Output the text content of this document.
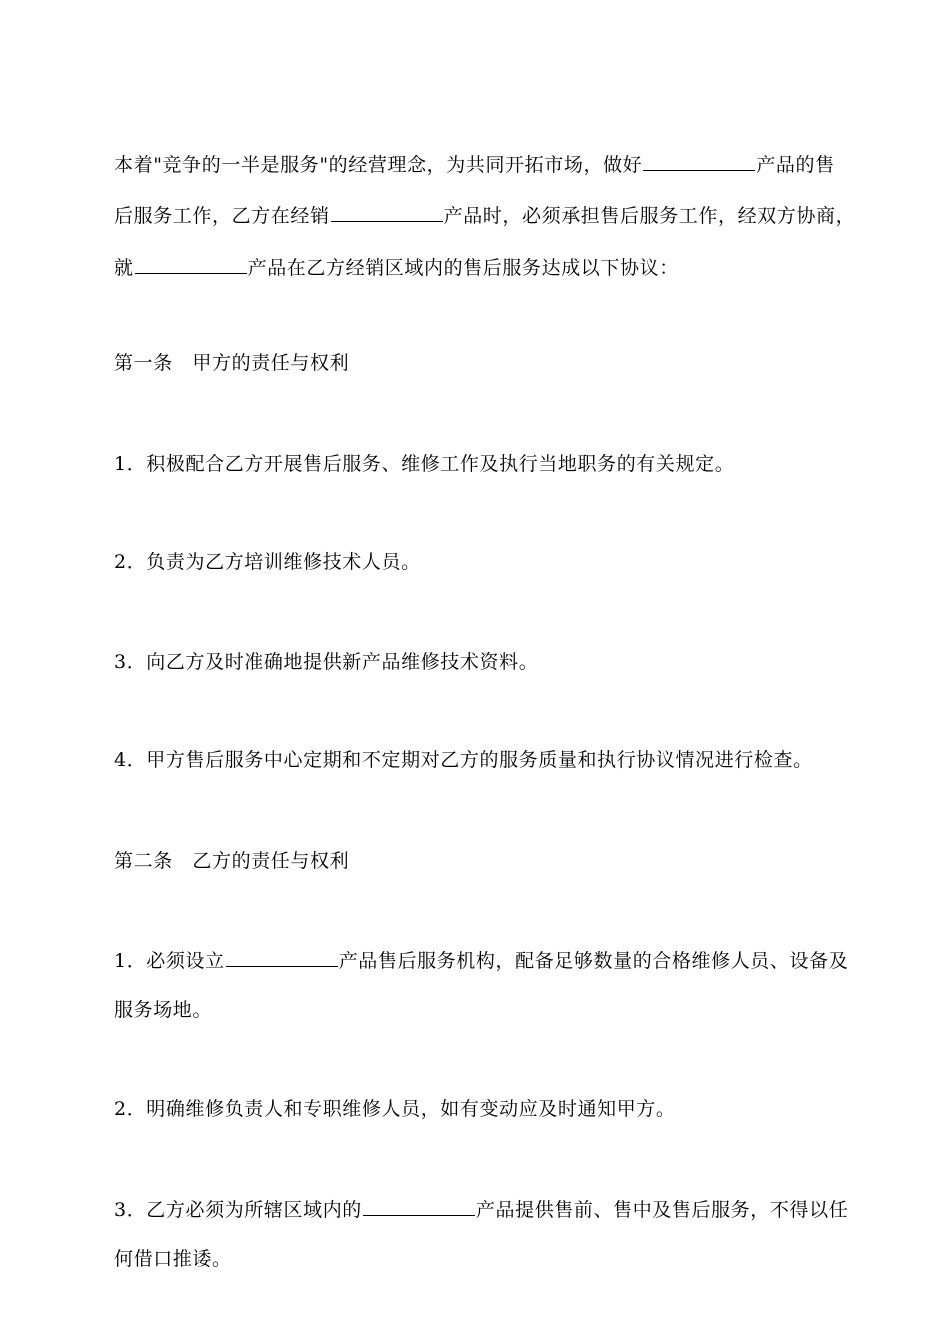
本着"竞争的一半是服务"的经营理念，为共同开拓市场，做好	产品的售
后服务工作，乙方在经销	产品时，必须承担售后服务工作，经双方协商，
就	产品在乙方经销区域内的售后服务达成以下协议：
第一条　甲方的责任与权利
1．积极配合乙方开展售后服务、维修工作及执行当地职务的有关规定。
2．负责为乙方培训维修技术人员。
3．向乙方及时准确地提供新产品维修技术资料。
4．甲方售后服务中心定期和不定期对乙方的服务质量和执行协议情况进行检查。
第二条　乙方的责任与权利
1．必须设立	产品售后服务机构，配备足够数量的合格维修人员、设备及
服务场地。
2．明确维修负责人和专职维修人员，如有变动应及时通知甲方。
3．乙方必须为所辖区域内的	产品提供售前、售中及售后服务，不得以任
何借口推诿。
